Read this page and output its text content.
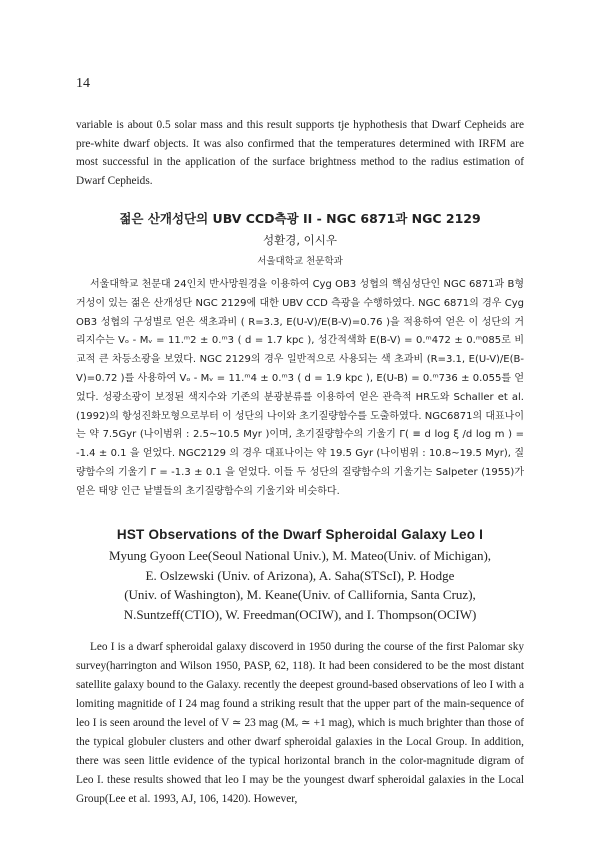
14

variable is about 0.5 solar mass and this result supports tje hyphothesis that Dwarf Cepheids are pre-white dwarf objects. It was also confirmed that the temperatures determined with IRFM are most successful in the application of the surface brightness method to the radius estimation of Dwarf Cepheids.

젊은 산개성단의 UBV CCD측광 II - NGC 6871과 NGC 2129
성환경, 이시우
서울대학교 천문학과

서울대학교 천문대 24인치 반사망원경을 이용하여 Cyg OB3 성협의 핵심성단인 NGC 6871과 B형 거성이 있는 젊은 산개성단 NGC 2129에 대한 UBV CCD 측광을 수행하였다. NGC 6871의 경우 Cyg OB3 성협의 구성별로 얻은 색초과비 ( R=3.3, E(U-V)/E(B-V)=0.76 )을 적용하여 얻은 이 성단의 거리지수는 Vₒ - Mᵥ = 11.ᵐ2 ± 0.ᵐ3 ( d = 1.7 kpc ), 성간적색화 E(B-V) = 0.ᵐ472 ± 0.ᵐ085로 비교적 큰 차등소광을 보였다. NGC 2129의 경우 일반적으로 사용되는 색 초과비 (R=3.1, E(U-V)/E(B-V)=0.72 )를 사용하여 Vₒ - Mᵥ = 11.ᵐ4 ± 0.ᵐ3 ( d = 1.9 kpc ), E(U-B) = 0.ᵐ736 ± 0.055를 얻었다. 성광소광이 보정된 색지수와 기존의 분광분류를 이용하여 얻은 관측적 HR도와 Schaller et al. (1992)의 항성진화모형으로부터 이 성단의 나이와 초기질량함수를 도출하였다. NGC6871의 대표나이는 약 7.5Gyr (나이범위 : 2.5~10.5 Myr )이며, 초기질량함수의 기울기 Γ( ≡ d log ξ /d log m ) = -1.4 ± 0.1 을 얻었다. NGC2129 의 경우 대표나이는 약 19.5 Gyr (나이범위 : 10.8~19.5 Myr), 질량함수의 기울기 Γ = -1.3 ± 0.1 을 얻었다. 이들 두 성단의 질량함수의 기울기는 Salpeter (1955)가 얻은 태양 인근 낱별들의 초기질량함수의 기울기와 비슷하다.

HST Observations of the Dwarf Spheroidal Galaxy Leo I
Myung Gyoon Lee(Seoul National Univ.), M. Mateo(Univ. of Michigan),
E. Oslzewski (Univ. of Arizona), A. Saha(STScI), P. Hodge
(Univ. of Washington), M. Keane(Univ. of Callifornia, Santa Cruz),
N.Suntzeff(CTIO), W. Freedman(OCIW), and I. Thompson(OCIW)

Leo I is a dwarf spheroidal galaxy discoverd in 1950 during the course of the first Palomar sky survey(harrington and Wilson 1950, PASP, 62, 118). It had been considered to be the most distant satellite galaxy bound to the Galaxy. recently the deepest ground-based observations of leo I with a lomiting magnitide of I 24 mag found a striking result that the upper part of the main-sequence of leo I is seen around the level of V ≃ 23 mag (Mᵥ ≃ +1 mag), which is much brighter than those of the typical globuler clusters and other dwarf spheroidal galaxies in the Local Group. In addition, there was seen little evidence of the typical horizontal branch in the color-magnitude digram of Leo I. these results showed that leo I may be the youngest dwarf spheroidal galaxies in the Local Group(Lee et al. 1993, AJ, 106, 1420). However,
